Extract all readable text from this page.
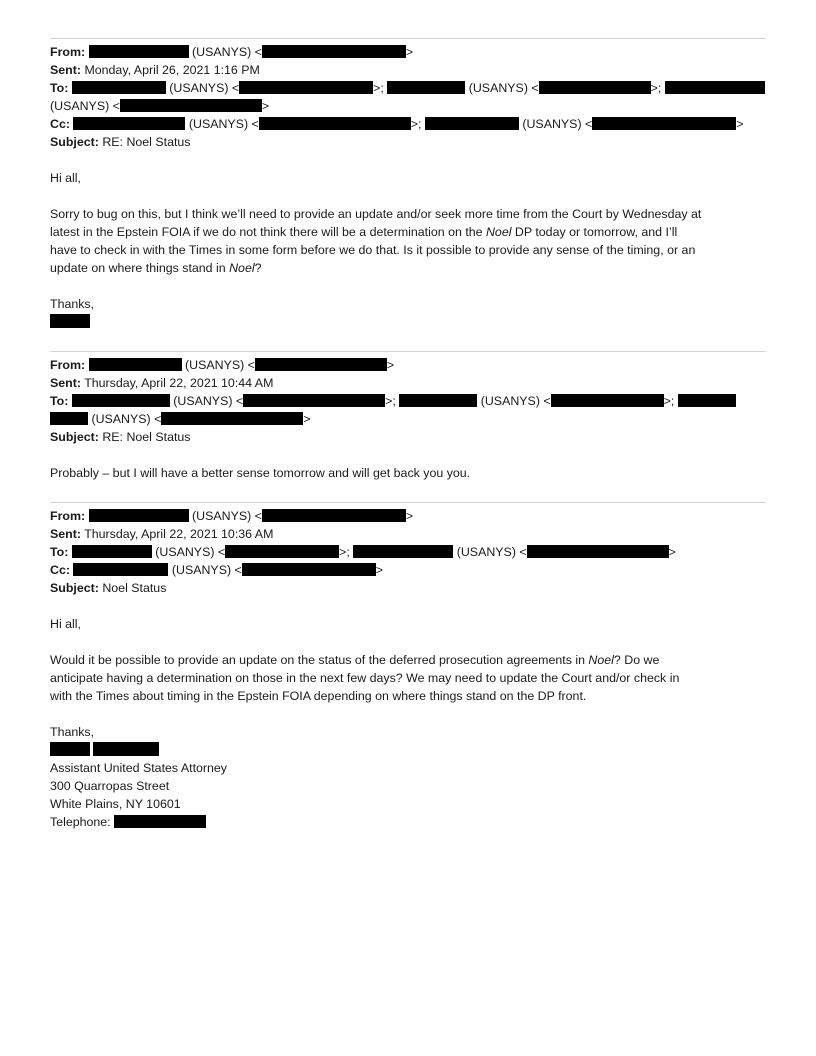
From:	(USANYS) <	>
Sent: Monday, April 26, 2021 1:16 PM
To:	(USANYS) <	>;	(USANYS) <	>;
(USANYS) <	>
Cc:	(USANYS) <	>;	(USANYS) <	>
Subject: RE: Noel Status

Hi all,

Sorry to bug on this, but I think we’ll need to provide an update and/or seek more time from the Court by Wednesday at

latest in the Epstein FOIA if we do not think there will be a determination on the Noel DP today or tomorrow, and I’ll

have to check in with the Times in some form before we do that. Is it possible to provide any sense of the timing, or an

update on where things stand in Noel?

Thanks,

From:	(USANYS) <	>
Sent: Thursday, April 22, 2021 10:44 AM
To:	(USANYS) <	>;	(USANYS) <	>;
(USANYS) <	>
Subject: RE: Noel Status

Probably – but I will have a better sense tomorrow and will get back you you.

From:	(USANYS) <	>
Sent: Thursday, April 22, 2021 10:36 AM
To:	(USANYS) <	>;	(USANYS) <	>
Cc:	(USANYS) <	>
Subject: Noel Status

Hi all,

Would it be possible to provide an update on the status of the deferred prosecution agreements in Noel? Do we

anticipate having a determination on those in the next few days? We may need to update the Court and/or check in

with the Times about timing in the Epstein FOIA depending on where things stand on the DP front.

Thanks,

Assistant United States Attorney

300 Quarropas Street

White Plains, NY 10601

Telephone:
